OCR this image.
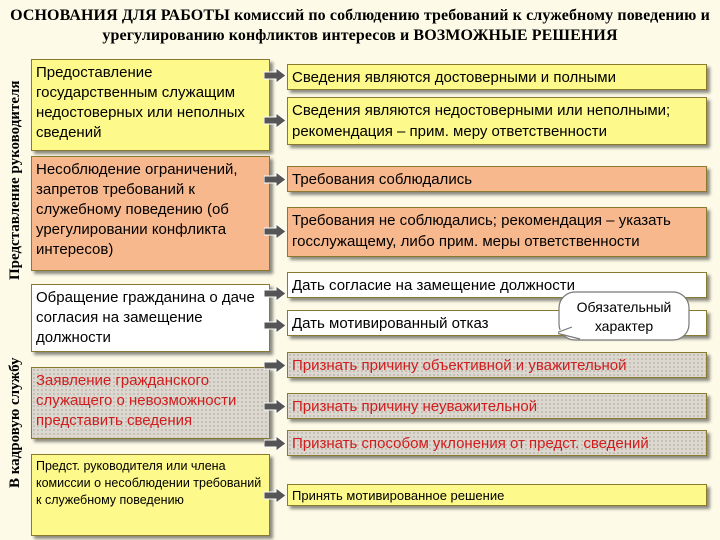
ОСНОВАНИЯ ДЛЯ РАБОТЫ комиссий по соблюдению требований к служебному поведению и урегулированию конфликтов интересов и ВОЗМОЖНЫЕ РЕШЕНИЯ
Представление руководителя
В кадровую службу
Предоставление государственным служащим недостоверных или неполных сведений
Сведения являются достоверными и полными
Сведения являются недостоверными или неполными; рекомендация – прим. меру ответственности
Несоблюдение ограничений, запретов требований к служебному поведению (об урегулировании конфликта интересов)
Требования соблюдались
Требования не соблюдались; рекомендация – указать госслужащему, либо прим. меры ответственности
Обращение гражданина о даче согласия на замещение должности
Дать согласие на замещение должности
Дать мотивированный отказ
Заявление гражданского служащего о невозможности представить сведения
Признать причину объективной и уважительной
Признать причину неуважительной
Признать способом уклонения от предст. сведений
Предст. руководителя или члена комиссии о несоблюдении требований к служебному поведению	Принять мотивированное решение
Обязательный характер
